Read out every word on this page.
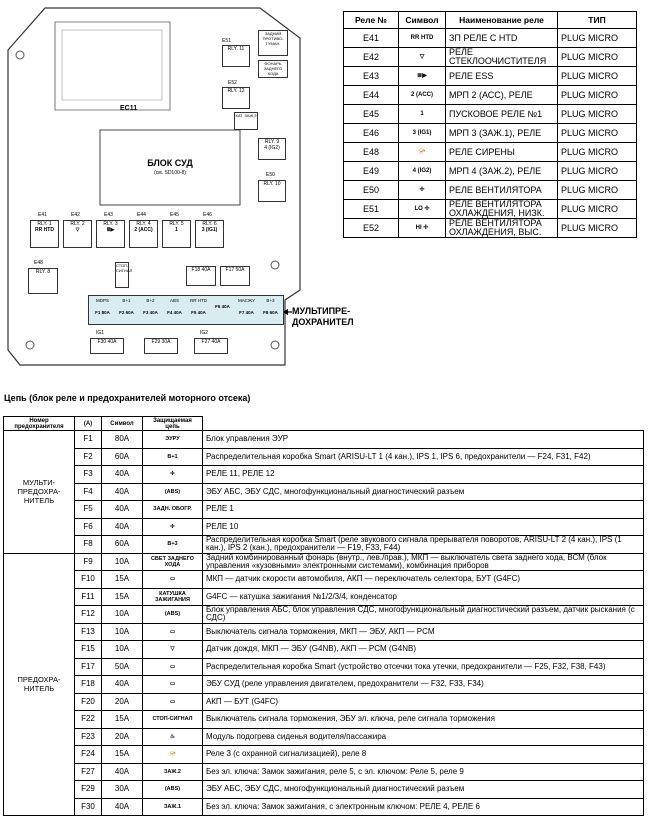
EC11
БЛОК СУД
(см. SD100-8)
E51
RLY. 11
E52
RLY. 12
ЗАДНИЙ ПРОТИВО-ТУМАН.
ФОНАРЬ ЗАДНЕГО ХОДА
КАТ. ЗАЖ.3
RLY. 9
4 (IG2)
E50
RLY. 10
E41
RLY. 1
RR HTD
E42
RLY. 2
▽
E43
RLY. 3
≣▶
E44
RLY. 4
2 (ACC)
E45
RLY. 5
1
E46
RLY. 6
3 (IG1)
E48
RLY. 8
СТОП-СИГНАЛ	F18 40A	F17 50A
MDPS

F1 80A
B+1

F2 60A
B+2

F3 40A
ABS

F4 40A
RR HTD

F5 40A

F6 40A
МАСЖУ

F7 40A
B+3

F8 60A
IG1	IG2
F30 40A	F29 30A	F27 40A
МУЛЬТИПРЕ-
ДОХРАНИТЕЛ
Реле №	Символ	Наименование реле	ТИП
E41	RR HTD	ЗП РЕЛЕ С HTD	PLUG MICRO
E42	▽	РЕЛЕ СТЕКЛООЧИСТИТЕЛЯ	PLUG MICRO
E43	≣▶	РЕЛЕ ESS	PLUG MICRO
E44	2 (ACC)	МРП 2 (АСС), РЕЛЕ	PLUG MICRO
E45	1	ПУСКОВОЕ РЕЛЕ №1	PLUG MICRO
E46	3 (IG1)	МРП 3 (ЗАЖ.1), РЕЛЕ	PLUG MICRO
E48	📯	РЕЛЕ СИРЕНЫ	PLUG MICRO
E49	4 (IG2)	МРП 4 (ЗАЖ.2), РЕЛЕ	PLUG MICRO
E50	✢	РЕЛЕ ВЕНТИЛЯТОРА	PLUG MICRO
E51	LO ✢	РЕЛЕ ВЕНТИЛЯТОРА ОХЛАЖДЕНИЯ, НИЗК.	PLUG MICRO
E52	HI ✢	РЕЛЕ ВЕНТИЛЯТОРА ОХЛАЖДЕНИЯ, ВЫС.	PLUG MICRO
Цепь (блок реле и предохранителей моторного отсека)
Номер предохранителя	(A)	Символ	Защищаемая цепь	
МУЛЬТИ-
ПРЕДОХРА-
НИТЕЛЬ	F1	80A	ЭУРУ	Блок управления ЭУР
	F2	60A	B+1	Распределительная коробка Smart (ARISU-LT 1 (4 кан.), IPS 1, IPS 6, предохранители — F24, F31, F42)
	F3	40A	✢	РЕЛЕ 11, РЕЛЕ 12
	F4	40A	(ABS)	ЭБУ АБС, ЭБУ СДС, многофункциональный диагностический разъем
	F5	40A	ЗАДН. ОБОГР.	РЕЛЕ 1
	F6	40A	✢	РЕЛЕ 10
	F8	60A	B+3	Распределительная коробка Smart (реле звукового сигнала прерывателя поворотов, ARISU-LT 2 (4 кан.), IPS (1 кан.), IPS 2 (кан.), предохранители — F19, F33, F44)
ПРЕДОХРА-
НИТЕЛЬ	F9	10A	СВЕТ ЗАДНЕГО ХОДА	Задний комбинированный фонарь (внутр., лев./прав.), МКП — выключатель света заднего хода, ВСМ (блок управления «кузовными» электронными системами), комбинация приборов
	F10	15A	▭	МКП — датчик скорости автомобиля, АКП — переключатель селектора, БУТ (G4FC)
	F11	15A	КАТУШКА ЗАЖИГАНИЯ	G4FC — катушка зажигания №1/2/3/4, конденсатор
	F12	10A	(ABS)	Блок управления АБС, блок управления СДС, многофункциональный диагностический разъем, датчик рыскания (с СДС)
	F13	10A	▭	Выключатель сигнала торможения, МКП — ЭБУ, АКП — PCM
	F15	10A	▽	Датчик дождя, МКП — ЭБУ (G4NB), АКП — PCM (G4NB)
	F17	50A	▭	Распределительная коробка Smart (устройство отсечки тока утечки, предохранители — F25, F32, F38, F43)
	F18	40A	▭	ЭБУ СУД (реле управления двигателем, предохранители — F32, F33, F34)
	F20	20A	▭	АКП — БУТ (G4FC)
	F22	15A	СТОП-СИГНАЛ	Выключатель сигнала торможения, ЭБУ эл. ключа, реле сигнала торможения
	F23	20A	♨	Модуль подогрева сиденья водителя/пассажира
	F24	15A	📯	Реле 3 (с охранной сигнализацией), реле 8
	F27	40A	ЗАЖ.2	Без эл. ключа: Замок зажигания, реле 5, с эл. ключом: Реле 5, реле 9
	F29	30A	(ABS)	ЭБУ АБС, ЭБУ СДС, многофункциональный диагностический разъем
	F30	40A	ЗАЖ.1	Без эл. ключа: Замок зажигания, с электронным ключом: РЕЛЕ 4, РЕЛЕ 6
